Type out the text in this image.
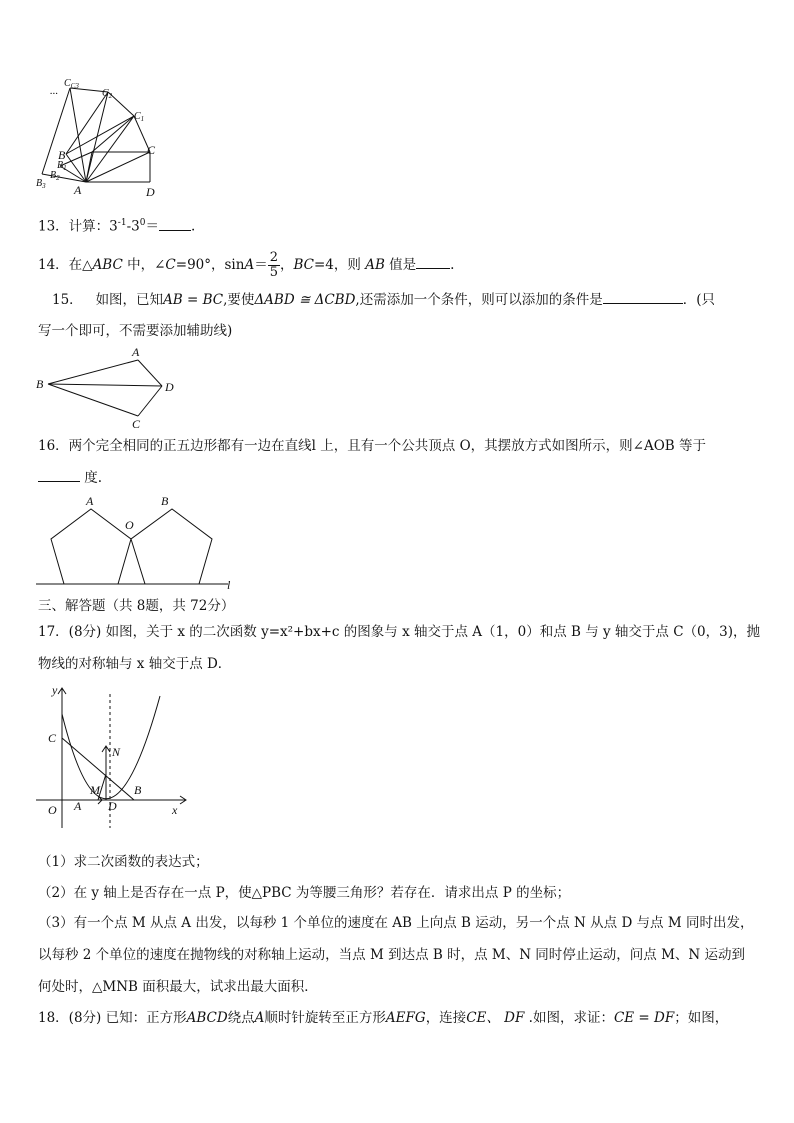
...
$C_{C3}$
$C_2$
$C_1$
C
B
$B_1$
$B_2$
$B_3$ A	D
13．计算：$3^{-1}-3^0=$ .
14．在△ABC 中，∠C=90°，$\sin A= \frac{2}{5}$ ，BC=4，则 AB 值是	.
15． 如图，已知AB = BC,要使ΔABD ≅ ΔCBD,还需添加一个条件，则可以添加的条件是	．(只
写一个即可，不需要添加辅助线)
A
B
C
D
16．两个完全相同的正五边形都有一边在直线l 上，且有一个公共顶点 O，其摆放方式如图所示，则∠AOB 等于
度.
A	B
O
l
三、解答题（共 8题，共 72分）
17．(8分) 如图，关于 x 的二次函数 y=x²+bx+c 的图象与 x 轴交于点 A（1，0）和点 B 与 y 轴交于点 C（0，3)，抛
物线的对称轴与 x 轴交于点 D．
y
C
N
M
A D
B
O	x
（1）求二次函数的表达式；
（2）在 y 轴上是否存在一点 P，使△PBC 为等腰三角形？若存在．请求出点 P 的坐标；
（3）有一个点 M 从点 A 出发，以每秒 1 个单位的速度在 AB 上向点 B 运动，另一个点 N 从点 D 与点 M 同时出发，
以每秒 2 个单位的速度在抛物线的对称轴上运动，当点 M 到达点 B 时，点 M、N 同时停止运动，问点 M、N 运动到
何处时，△MNB 面积最大，试求出最大面积．
18．(8分) 已知：正方形ABCD绕点A顺时针旋转至正方形AEFG，连接CE、 DF .如图，求证：CE = DF；如图，
